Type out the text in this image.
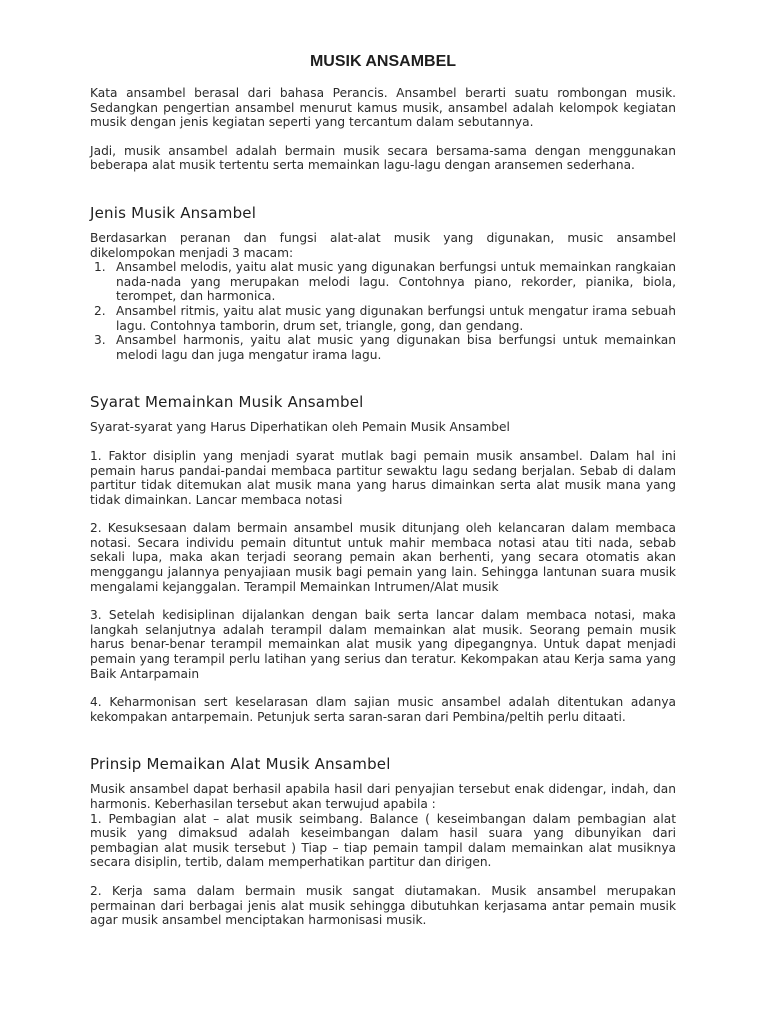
MUSIK ANSAMBEL

Kata ansambel berasal dari bahasa Perancis. Ansambel berarti suatu rombongan musik. Sedangkan pengertian ansambel menurut kamus musik, ansambel adalah kelompok kegiatan musik dengan jenis kegiatan seperti yang tercantum dalam sebutannya.

Jadi, musik ansambel adalah bermain musik secara bersama-sama dengan menggunakan beberapa alat musik tertentu serta memainkan lagu-lagu dengan aransemen sederhana.

Jenis Musik Ansambel

Berdasarkan peranan dan fungsi alat-alat musik yang digunakan, music ansambel dikelompokan menjadi 3 macam:

1. Ansambel melodis, yaitu alat music yang digunakan berfungsi untuk memainkan rangkaian nada-nada yang merupakan melodi lagu. Contohnya piano, rekorder, pianika, biola, terompet, dan harmonica.
2. Ansambel ritmis, yaitu alat music yang digunakan berfungsi untuk mengatur irama sebuah lagu. Contohnya tamborin, drum set, triangle, gong, dan gendang.
3. Ansambel harmonis, yaitu alat music yang digunakan bisa berfungsi untuk memainkan melodi lagu dan juga mengatur irama lagu.
Syarat Memainkan Musik Ansambel

Syarat-syarat yang Harus Diperhatikan oleh Pemain Musik Ansambel

1. Faktor disiplin yang menjadi syarat mutlak bagi pemain musik ansambel. Dalam hal ini pemain harus pandai-pandai membaca partitur sewaktu lagu sedang berjalan. Sebab di dalam partitur tidak ditemukan alat musik mana yang harus dimainkan serta alat musik mana yang tidak dimainkan. Lancar membaca notasi

2. Kesuksesaan dalam bermain ansambel musik ditunjang oleh kelancaran dalam membaca notasi. Secara individu pemain dituntut untuk mahir membaca notasi atau titi nada, sebab sekali lupa, maka akan terjadi seorang pemain akan berhenti, yang secara otomatis akan menggangu jalannya penyajiaan musik bagi pemain yang lain. Sehingga lantunan suara musik mengalami kejanggalan. Terampil Memainkan Intrumen/Alat musik

3. Setelah kedisiplinan dijalankan dengan baik serta lancar dalam membaca notasi, maka langkah selanjutnya adalah terampil dalam memainkan alat musik. Seorang pemain musik harus benar-benar terampil memainkan alat musik yang dipegangnya. Untuk dapat menjadi pemain yang terampil perlu latihan yang serius dan teratur. Kekompakan atau Kerja sama yang Baik Antarpamain

4. Keharmonisan sert keselarasan dlam sajian music ansambel adalah ditentukan adanya kekompakan antarpemain. Petunjuk serta saran-saran dari Pembina/peltih perlu ditaati.

Prinsip Memaikan Alat Musik Ansambel

Musik ansambel dapat berhasil apabila hasil dari penyajian tersebut enak didengar, indah, dan harmonis. Keberhasilan tersebut akan terwujud apabila :

1. Pembagian alat – alat musik seimbang. Balance ( keseimbangan dalam pembagian alat musik yang dimaksud adalah keseimbangan dalam hasil suara yang dibunyikan dari pembagian alat musik tersebut ) Tiap – tiap pemain tampil dalam memainkan alat musiknya secara disiplin, tertib, dalam memperhatikan partitur dan dirigen.

2. Kerja sama dalam bermain musik sangat diutamakan. Musik ansambel merupakan permainan dari berbagai jenis alat musik sehingga dibutuhkan kerjasama antar pemain musik agar musik ansambel menciptakan harmonisasi musik.
